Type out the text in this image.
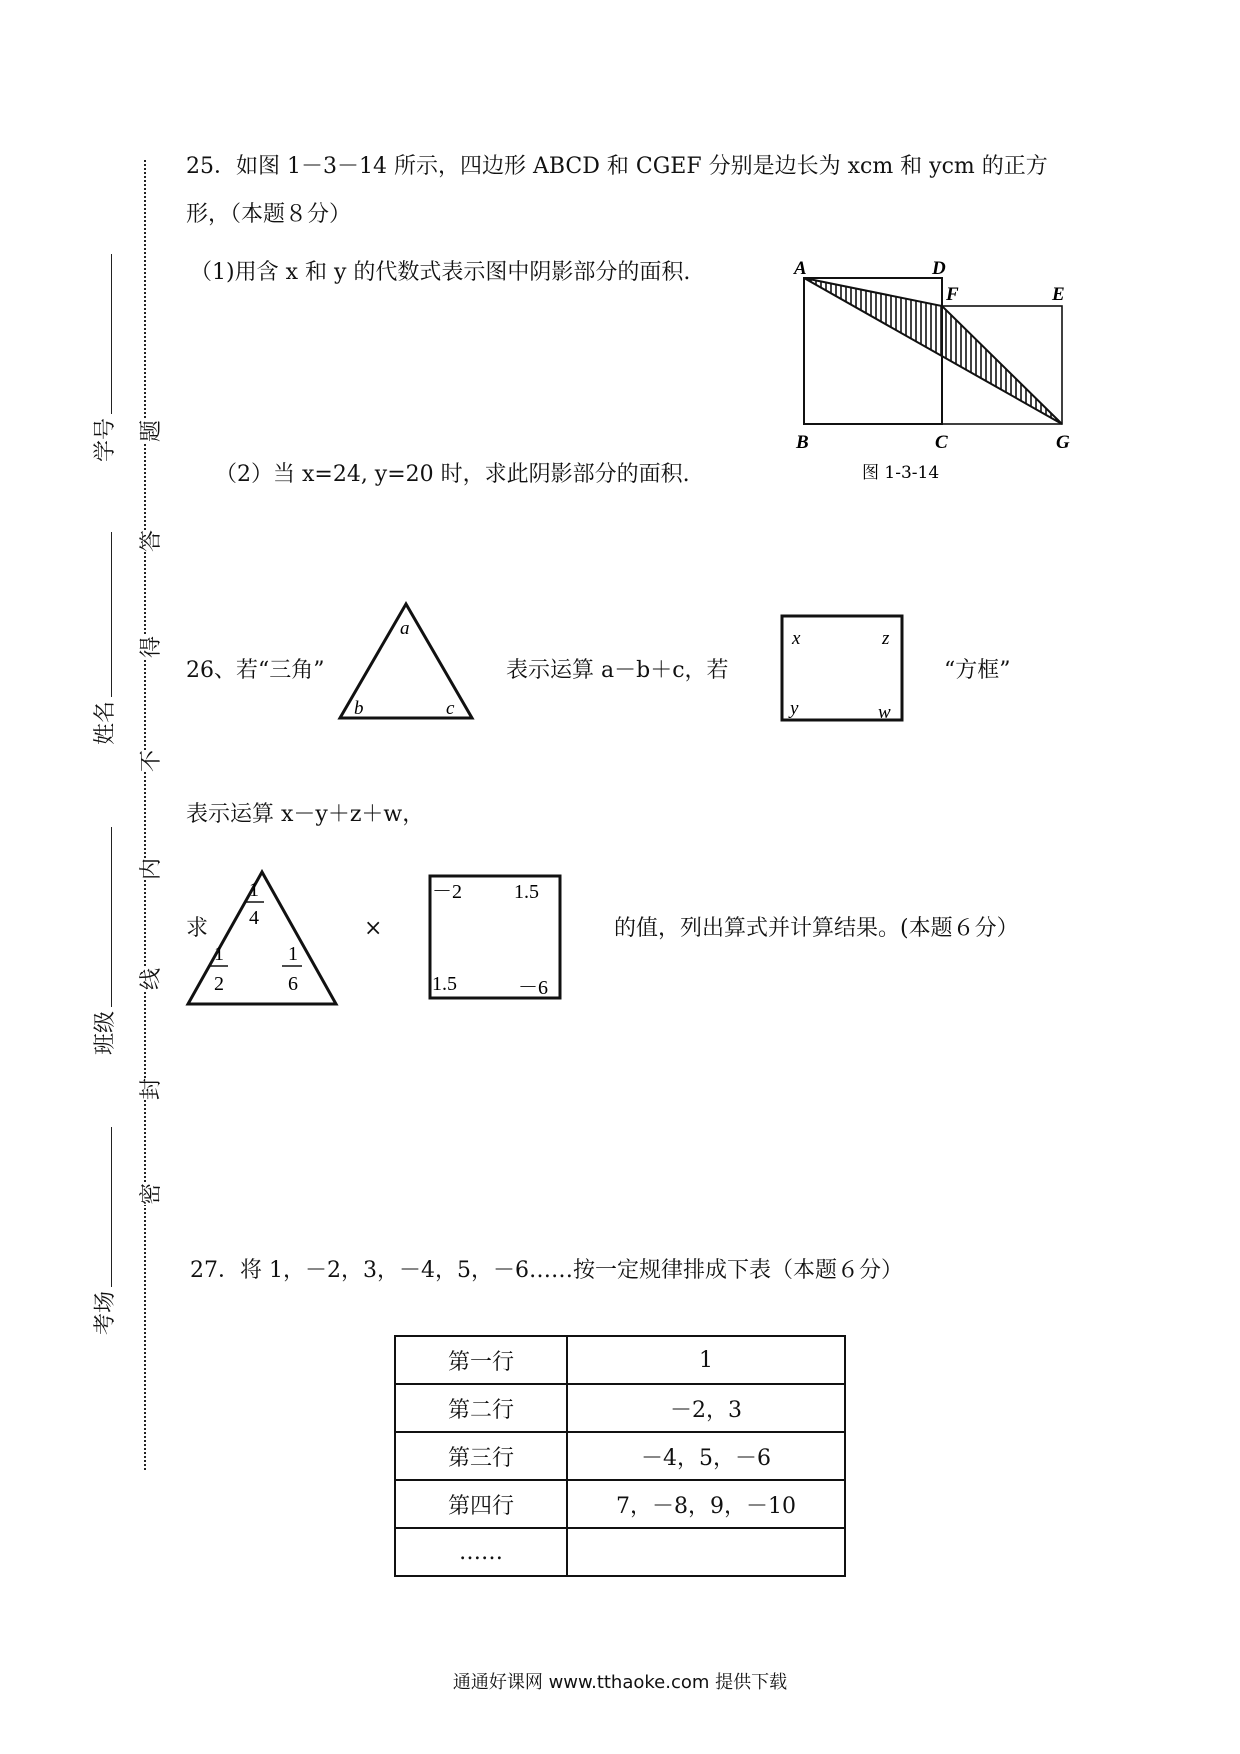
学号
姓名
班级
考场
题
答
得
不
内
线
封
密
25．如图 1－3－14 所示，四边形 ABCD 和 CGEF 分别是边长为 xcm 和 ycm 的正方
形，（本题８分）
（1)用含 x 和 y 的代数式表示图中阴影部分的面积.
（2）当 x=24, y=20 时，求此阴影部分的面积.
A	D
F	E
B	C	G
图 1-3-14
26、若“三角”
a
b	c
表示运算 a－b＋c，若
x	z
y	w
“方框”
表示运算 x－y＋z＋w，
求
1
4
1
2
1
6
×
－2	1.5
1.5	－6
的值，列出算式并计算结果。(本题６分）
27．将 1，－2，3，－4，5，－6……按一定规律排成下表（本题６分）
第一行	1
第二行	－2，3
第三行	－4，5，－6
第四行	7，－8，9，－10
……	
通通好课网 www.tthaoke.com 提供下载
